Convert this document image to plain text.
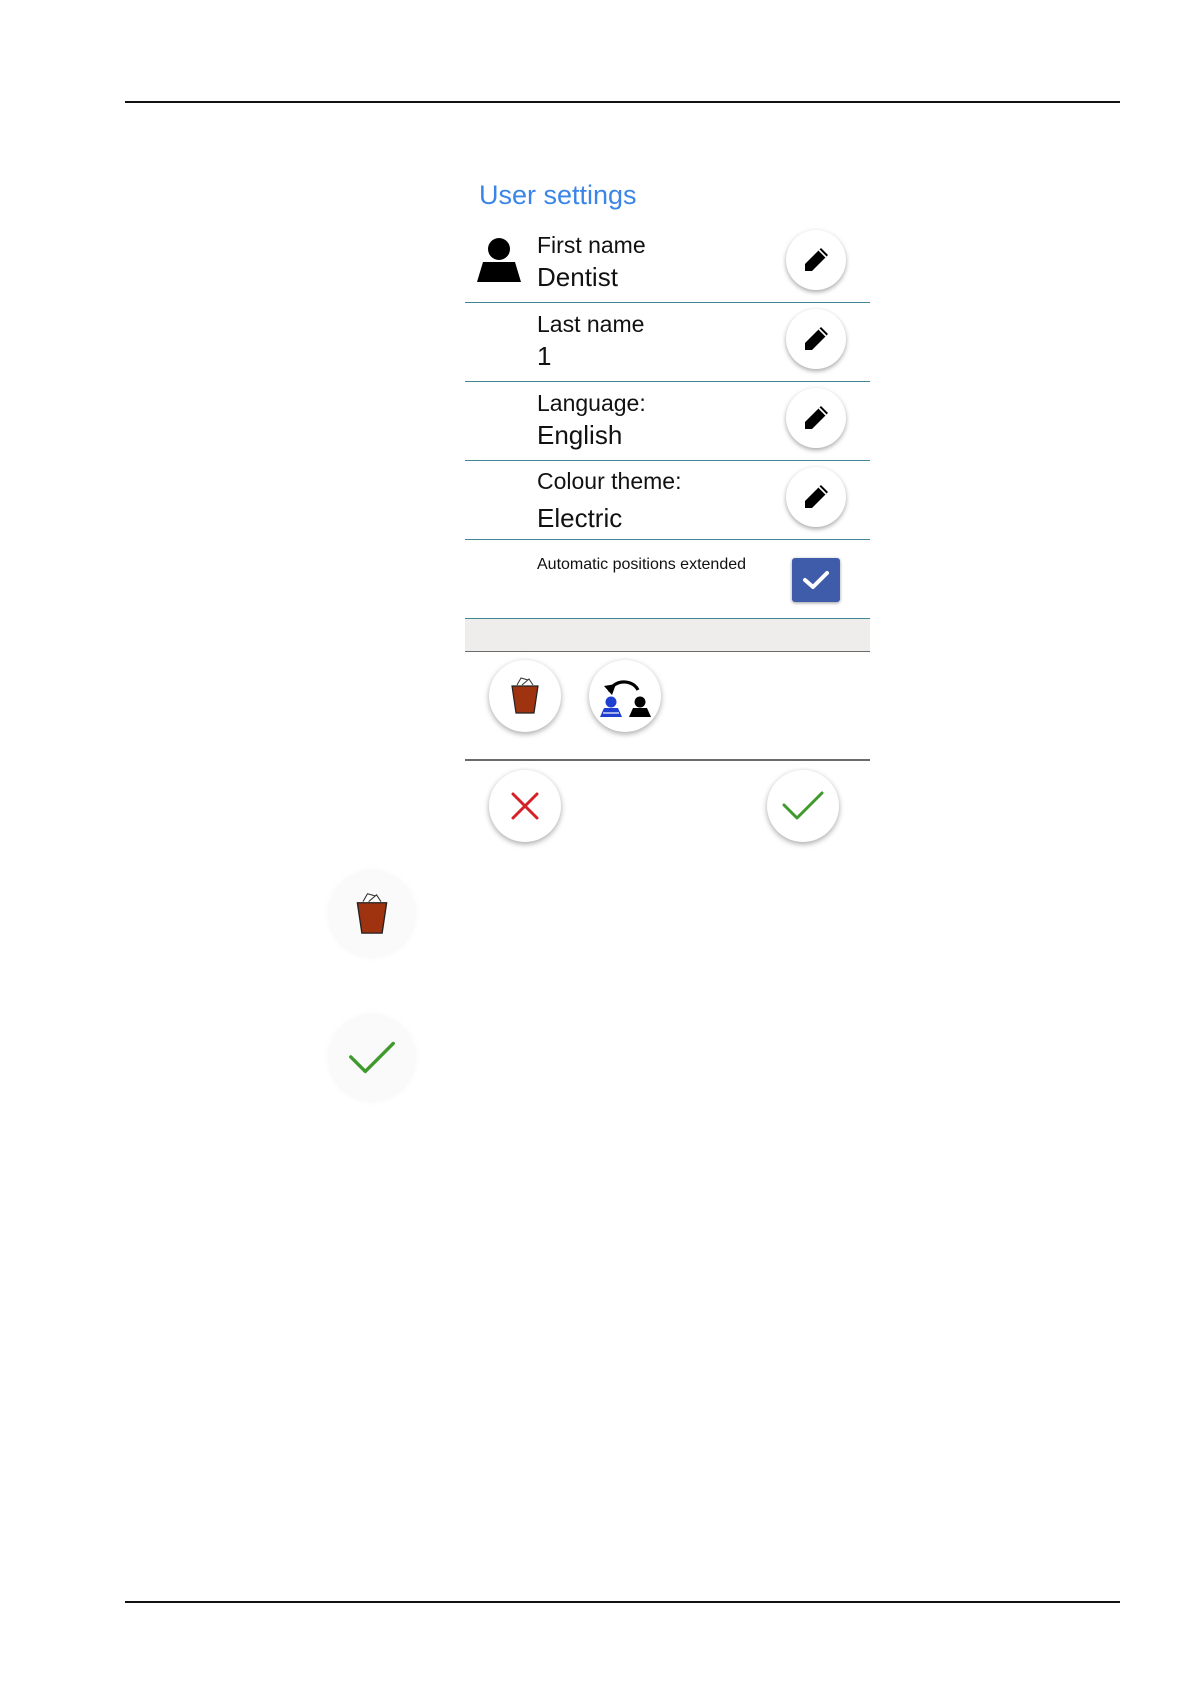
User settings
First name
Dentist
Last name
1
Language:
English
Colour theme:
Electric
Automatic positions extended
